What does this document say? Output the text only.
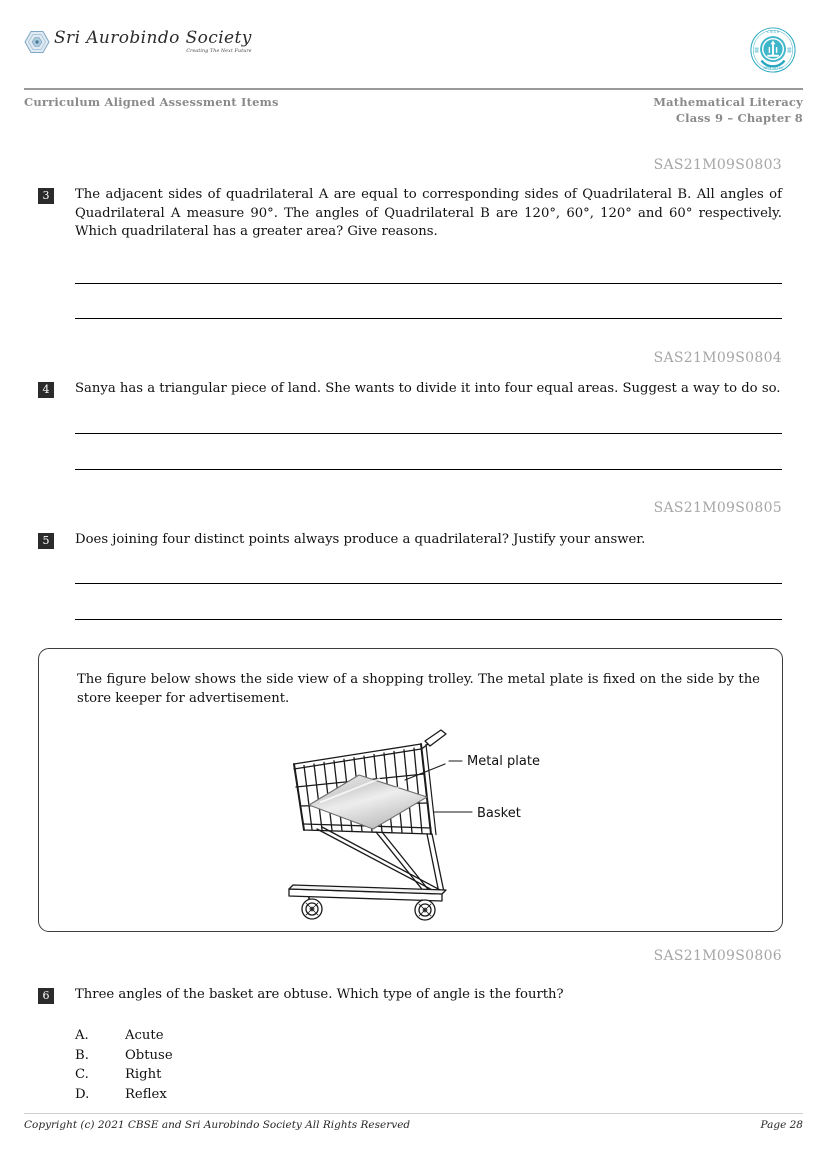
Sri Aurobindo Society
Creating The Next Future
C B S E
NEW DELHI
Curriculum Aligned Assessment Items	Mathematical Literacy
Class 9 – Chapter 8
SAS21M09S0803
3	The adjacent sides of quadrilateral A are equal to corresponding sides of Quadrilateral B. All angles of Quadrilateral A measure 90°. The angles of Quadrilateral B are 120°, 60°, 120° and 60° respectively. Which quadrilateral has a greater area? Give reasons.
SAS21M09S0804
4	Sanya has a triangular piece of land. She wants to divide it into four equal areas. Suggest a way to do so.
SAS21M09S0805
5	Does joining four distinct points always produce a quadrilateral? Justify your answer.
The figure below shows the side view of a shopping trolley. The metal plate is fixed on the side by the store keeper for advertisement.
Metal plate
Basket
SAS21M09S0806
6	Three angles of the basket are obtuse. Which type of angle is the fourth?
A.	Acute
B.	Obtuse
C.	Right
D.	Reflex
Copyright (c) 2021 CBSE and Sri Aurobindo Society All Rights Reserved	Page 28
